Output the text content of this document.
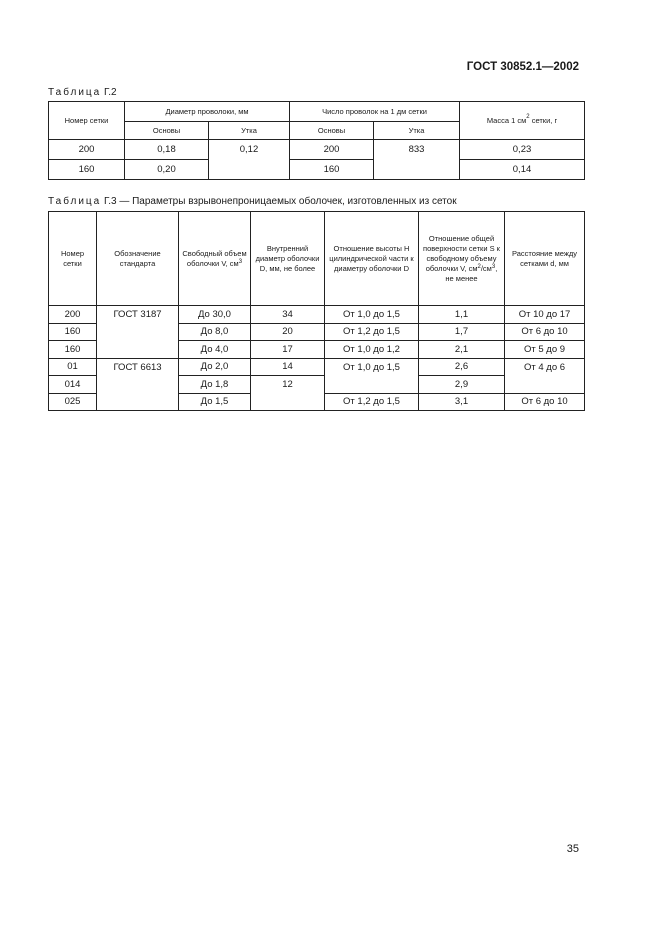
ГОСТ 30852.1—2002
Таблица Г.2
Номер сетки	Диаметр проволоки, мм		Число проволок на 1 дм сетки		Масса 1 $см^2$ сетки, г
	Основы	Утка	Основы	Утка	
200	0,18	0,12	200	833	0,23
160	0,20		160		0,14
Таблица Г.3 — Параметры взрывонепроницаемых оболочек, изготовленных из сеток
Номер сетки	Обозначение стандарта	Свободный объем оболочки V, $см^3$	Внутренний диаметр оболочки D, мм, не более	Отношение высоты H цилиндрической части к диаметру оболочки D	Отношение общей поверхности сетки S к свободному объему оболочки V, $см^2/см^3$, не менее	Расстояние между сетками d, мм
200	ГОСТ 3187	До 30,0	34	От 1,0 до 1,5	1,1	От 10 до 17
160		До 8,0	20	От 1,2 до 1,5	1,7	От 6 до 10
160		До 4,0	17	От 1,0 до 1,2	2,1	От 5 до 9
01	ГОСТ 6613	До 2,0	14	От 1,0 до 1,5	2,6	От 4 до 6
014		До 1,8	12		2,9	
025		До 1,5		От 1,2 до 1,5	3,1	От 6 до 10
35
